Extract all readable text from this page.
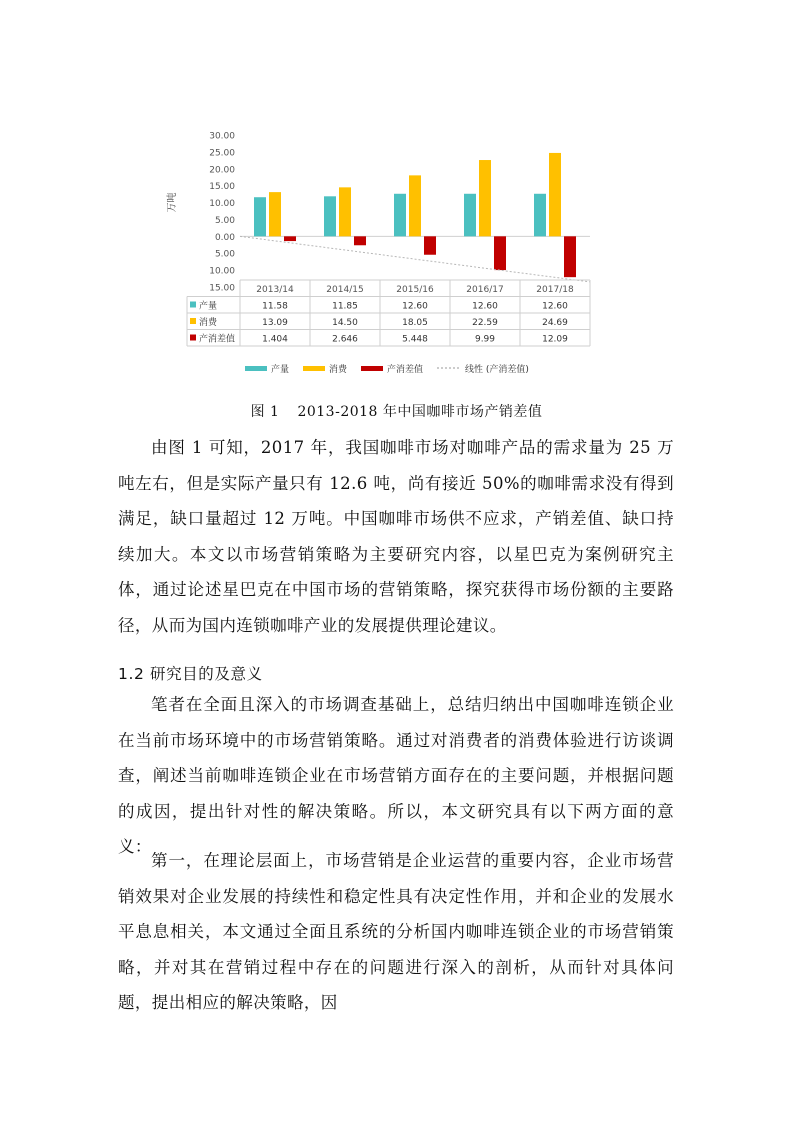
30.00
25.00
20.00
15.00
10.00
5.00
0.00
5.00
10.00
15.00
万吨
2013/14	2014/15	2015/16	2016/17	2017/18
产量	11.58	11.85	12.60	12.60	12.60
消费	13.09	14.50	18.05	22.59	24.69
产消差值	1.404	2.646	5.448	9.99	12.09
产量	消费	产消差值	线性 (产消差值)
图 1 2013-2018 年中国咖啡市场产销差值

由图 1 可知，2017 年，我国咖啡市场对咖啡产品的需求量为 25 万吨左右，但是实际产量只有 12.6 吨，尚有接近 50%的咖啡需求没有得到满足，缺口量超过 12 万吨。中国咖啡市场供不应求，产销差值、缺口持续加大。本文以市场营销策略为主要研究内容，以星巴克为案例研究主体，通过论述星巴克在中国市场的营销策略，探究获得市场份额的主要路径，从而为国内连锁咖啡产业的发展提供理论建议。

1.2 研究目的及意义

笔者在全面且深入的市场调查基础上，总结归纳出中国咖啡连锁企业在当前市场环境中的市场营销策略。通过对消费者的消费体验进行访谈调查，阐述当前咖啡连锁企业在市场营销方面存在的主要问题，并根据问题的成因，提出针对性的解决策略。所以，本文研究具有以下两方面的意义：

第一，在理论层面上，市场营销是企业运营的重要内容，企业市场营销效果对企业发展的持续性和稳定性具有决定性作用，并和企业的发展水平息息相关，本文通过全面且系统的分析国内咖啡连锁企业的市场营销策略，并对其在营销过程中存在的问题进行深入的剖析，从而针对具体问题，提出相应的解决策略，因
